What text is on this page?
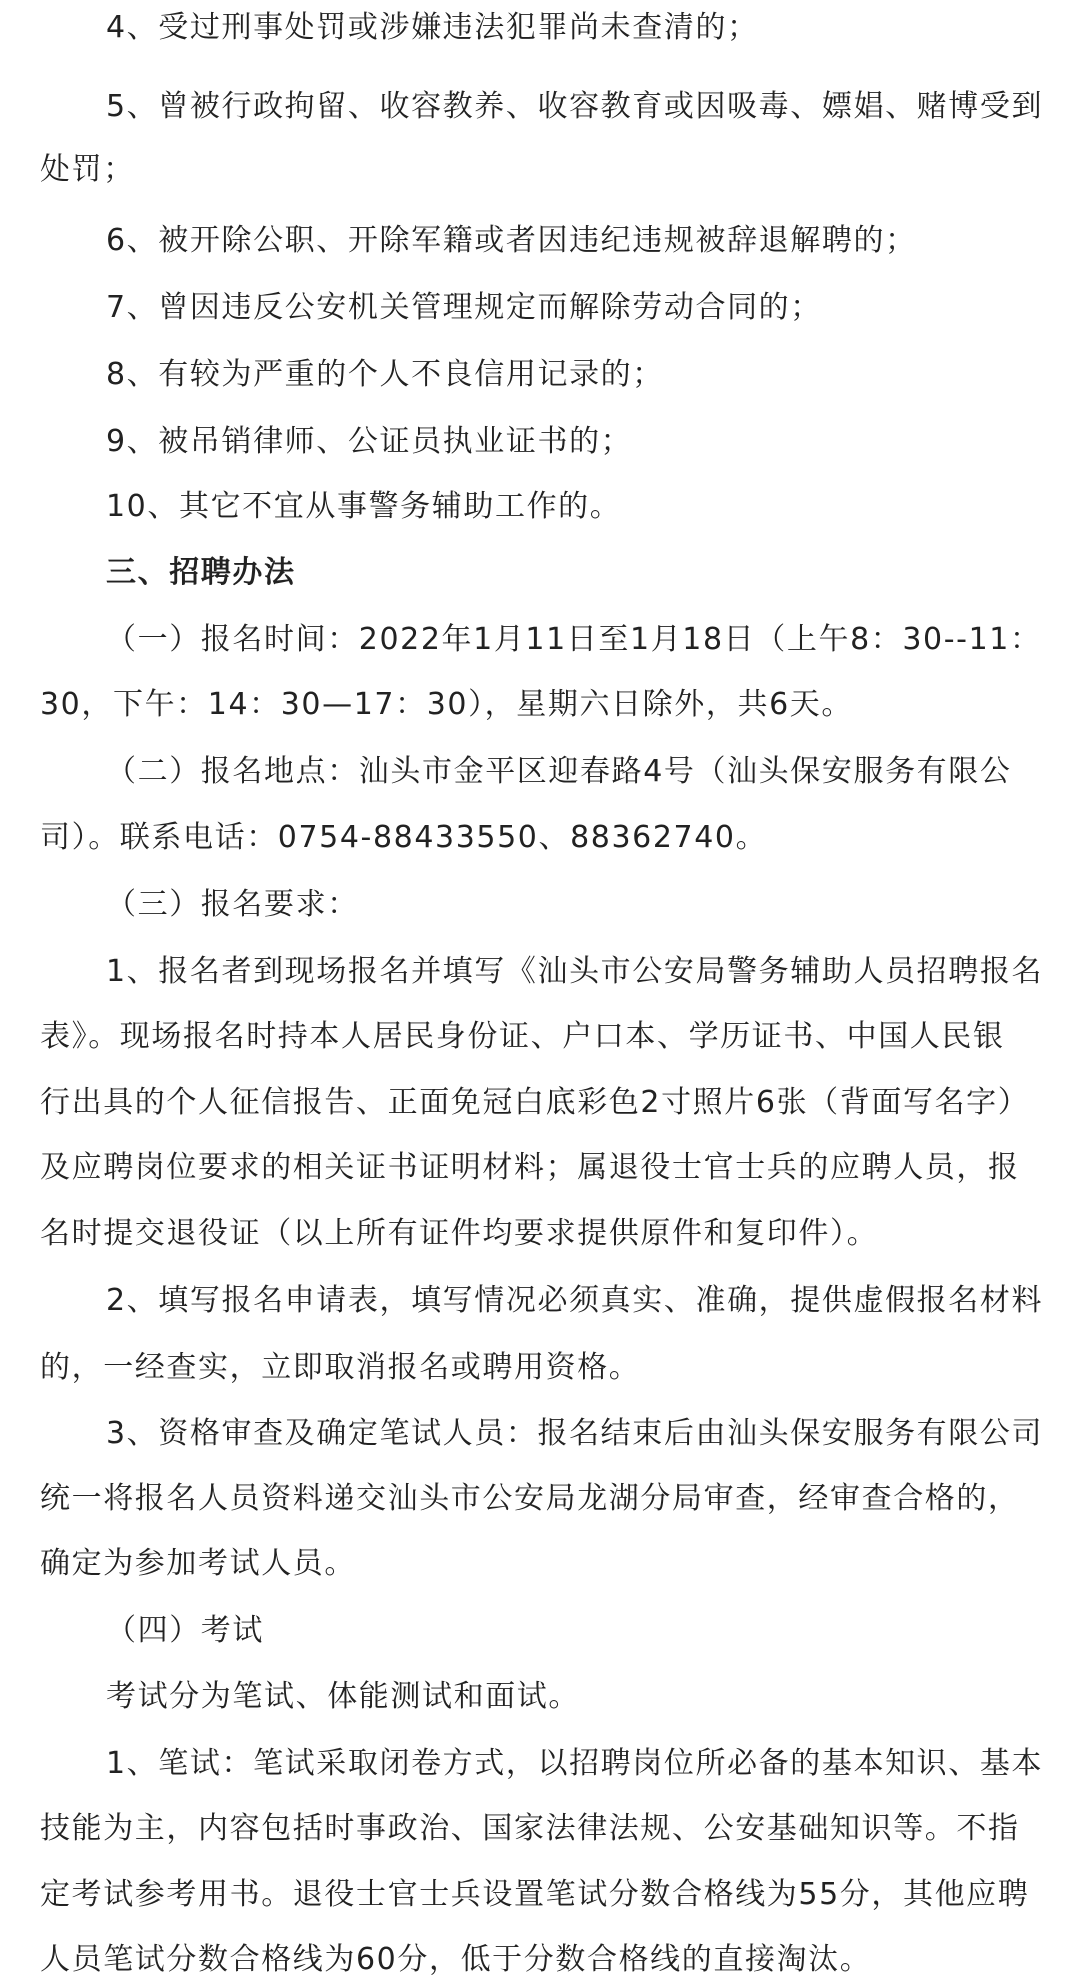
4、受过刑事处罚或涉嫌违法犯罪尚未查清的；
5、曾被行政拘留、收容教养、收容教育或因吸毒、嫖娼、赌博受到
处罚；
6、被开除公职、开除军籍或者因违纪违规被辞退解聘的；
7、曾因违反公安机关管理规定而解除劳动合同的；
8、有较为严重的个人不良信用记录的；
9、被吊销律师、公证员执业证书的；
10、其它不宜从事警务辅助工作的。
三、招聘办法
（一）报名时间：2022年1月11日至1月18日（上午8：30--11：
30，下午：14：30—17：30），星期六日除外，共6天。
（二）报名地点：汕头市金平区迎春路4号（汕头保安服务有限公
司）。联系电话：0754-88433550、88362740。
（三）报名要求：
1、报名者到现场报名并填写《汕头市公安局警务辅助人员招聘报名
表》。现场报名时持本人居民身份证、户口本、学历证书、中国人民银
行出具的个人征信报告、正面免冠白底彩色2寸照片6张（背面写名字）
及应聘岗位要求的相关证书证明材料；属退役士官士兵的应聘人员，报
名时提交退役证（以上所有证件均要求提供原件和复印件）。
2、填写报名申请表，填写情况必须真实、准确，提供虚假报名材料
的，一经查实，立即取消报名或聘用资格。
3、资格审查及确定笔试人员：报名结束后由汕头保安服务有限公司
统一将报名人员资料递交汕头市公安局龙湖分局审查，经审查合格的，
确定为参加考试人员。
（四）考试
考试分为笔试、体能测试和面试。
1、笔试：笔试采取闭卷方式，以招聘岗位所必备的基本知识、基本
技能为主，内容包括时事政治、国家法律法规、公安基础知识等。不指
定考试参考用书。退役士官士兵设置笔试分数合格线为55分，其他应聘
人员笔试分数合格线为60分，低于分数合格线的直接淘汰。
